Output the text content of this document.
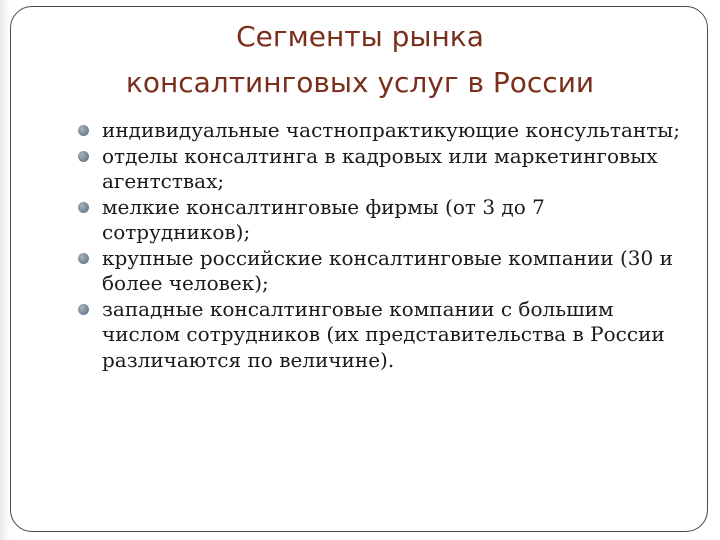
Сегменты рынка
консалтинговых услуг в России
индивидуальные частнопрактикующие консультанты;
отделы консалтинга в кадровых или маркетинговых агентствах;
мелкие консалтинговые фирмы (от 3 до 7 сотрудников);
крупные российские консалтинговые компании (30 и более человек);
западные консалтинговые компании с большим числом сотрудников (их представительства в России различаются по величине).
